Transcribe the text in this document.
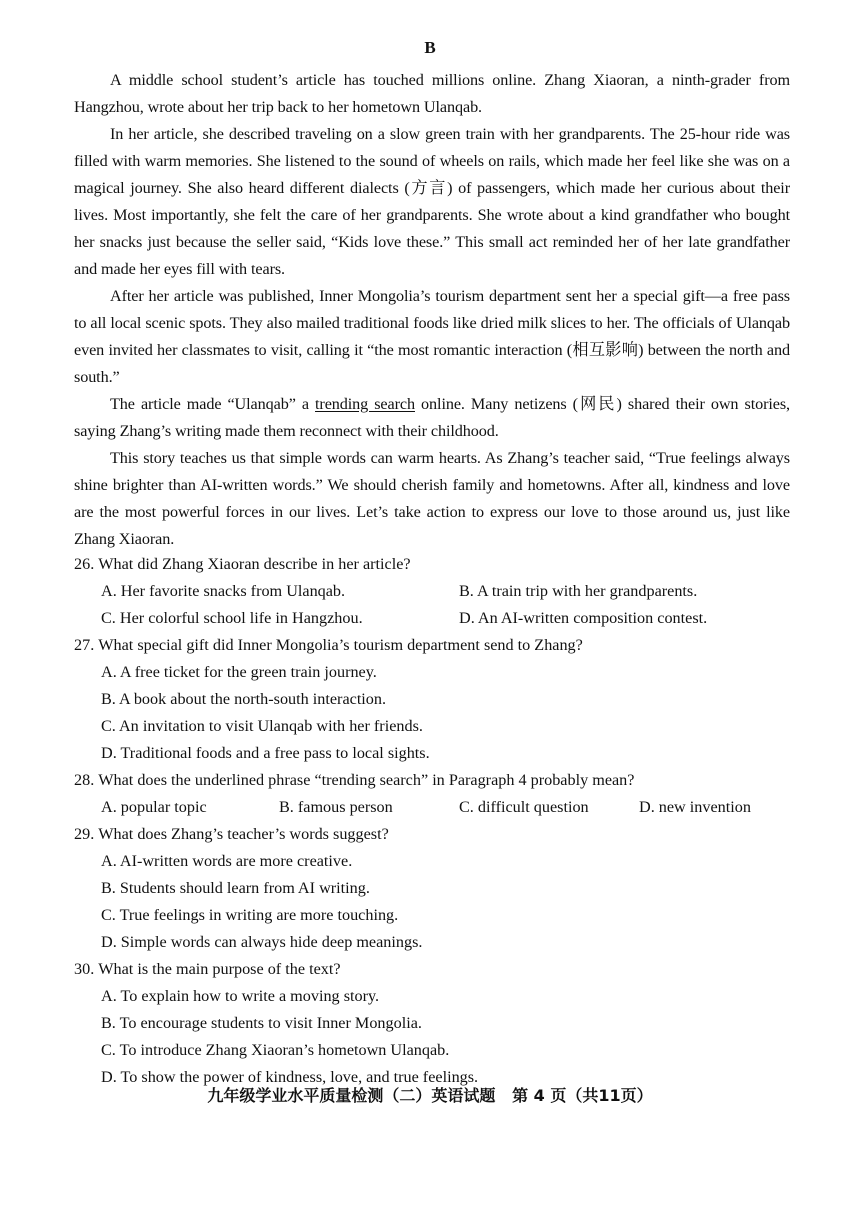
B

A middle school student’s article has touched millions online. Zhang Xiaoran, a ninth-grader from Hangzhou, wrote about her trip back to her hometown Ulanqab.

In her article, she described traveling on a slow green train with her grandparents. The 25-hour ride was filled with warm memories. She listened to the sound of wheels on rails, which made her feel like she was on a magical journey. She also heard different dialects (方言) of passengers, which made her curious about their lives. Most importantly, she felt the care of her grandparents. She wrote about a kind grandfather who bought her snacks just because the seller said, “Kids love these.” This small act reminded her of her late grandfather and made her eyes fill with tears.

After her article was published, Inner Mongolia’s tourism department sent her a special gift—a free pass to all local scenic spots. They also mailed traditional foods like dried milk slices to her. The officials of Ulanqab even invited her classmates to visit, calling it “the most romantic interaction (相互影响) between the north and south.”

The article made “Ulanqab” a trending search online. Many netizens (网民) shared their own stories, saying Zhang’s writing made them reconnect with their childhood.

This story teaches us that simple words can warm hearts. As Zhang’s teacher said, “True feelings always shine brighter than AI-written words.” We should cherish family and hometowns. After all, kindness and love are the most powerful forces in our lives. Let’s take action to express our love to those around us, just like Zhang Xiaoran.

26. What did Zhang Xiaoran describe in her article?
A. Her favorite snacks from Ulanqab.	B. A train trip with her grandparents.
C. Her colorful school life in Hangzhou.	D. An AI-written composition contest.
27. What special gift did Inner Mongolia’s tourism department send to Zhang?
A. A free ticket for the green train journey.
B. A book about the north-south interaction.
C. An invitation to visit Ulanqab with her friends.
D. Traditional foods and a free pass to local sights.
28. What does the underlined phrase “trending search” in Paragraph 4 probably mean?
A. popular topic	B. famous person	C. difficult question	D. new invention
29. What does Zhang’s teacher’s words suggest?
A. AI-written words are more creative.
B. Students should learn from AI writing.
C. True feelings in writing are more touching.
D. Simple words can always hide deep meanings.
30. What is the main purpose of the text?
A. To explain how to write a moving story.
B. To encourage students to visit Inner Mongolia.
C. To introduce Zhang Xiaoran’s hometown Ulanqab.
D. To show the power of kindness, love, and true feelings.
九年级学业水平质量检测（二）英语试题   第 4 页（共11页）
